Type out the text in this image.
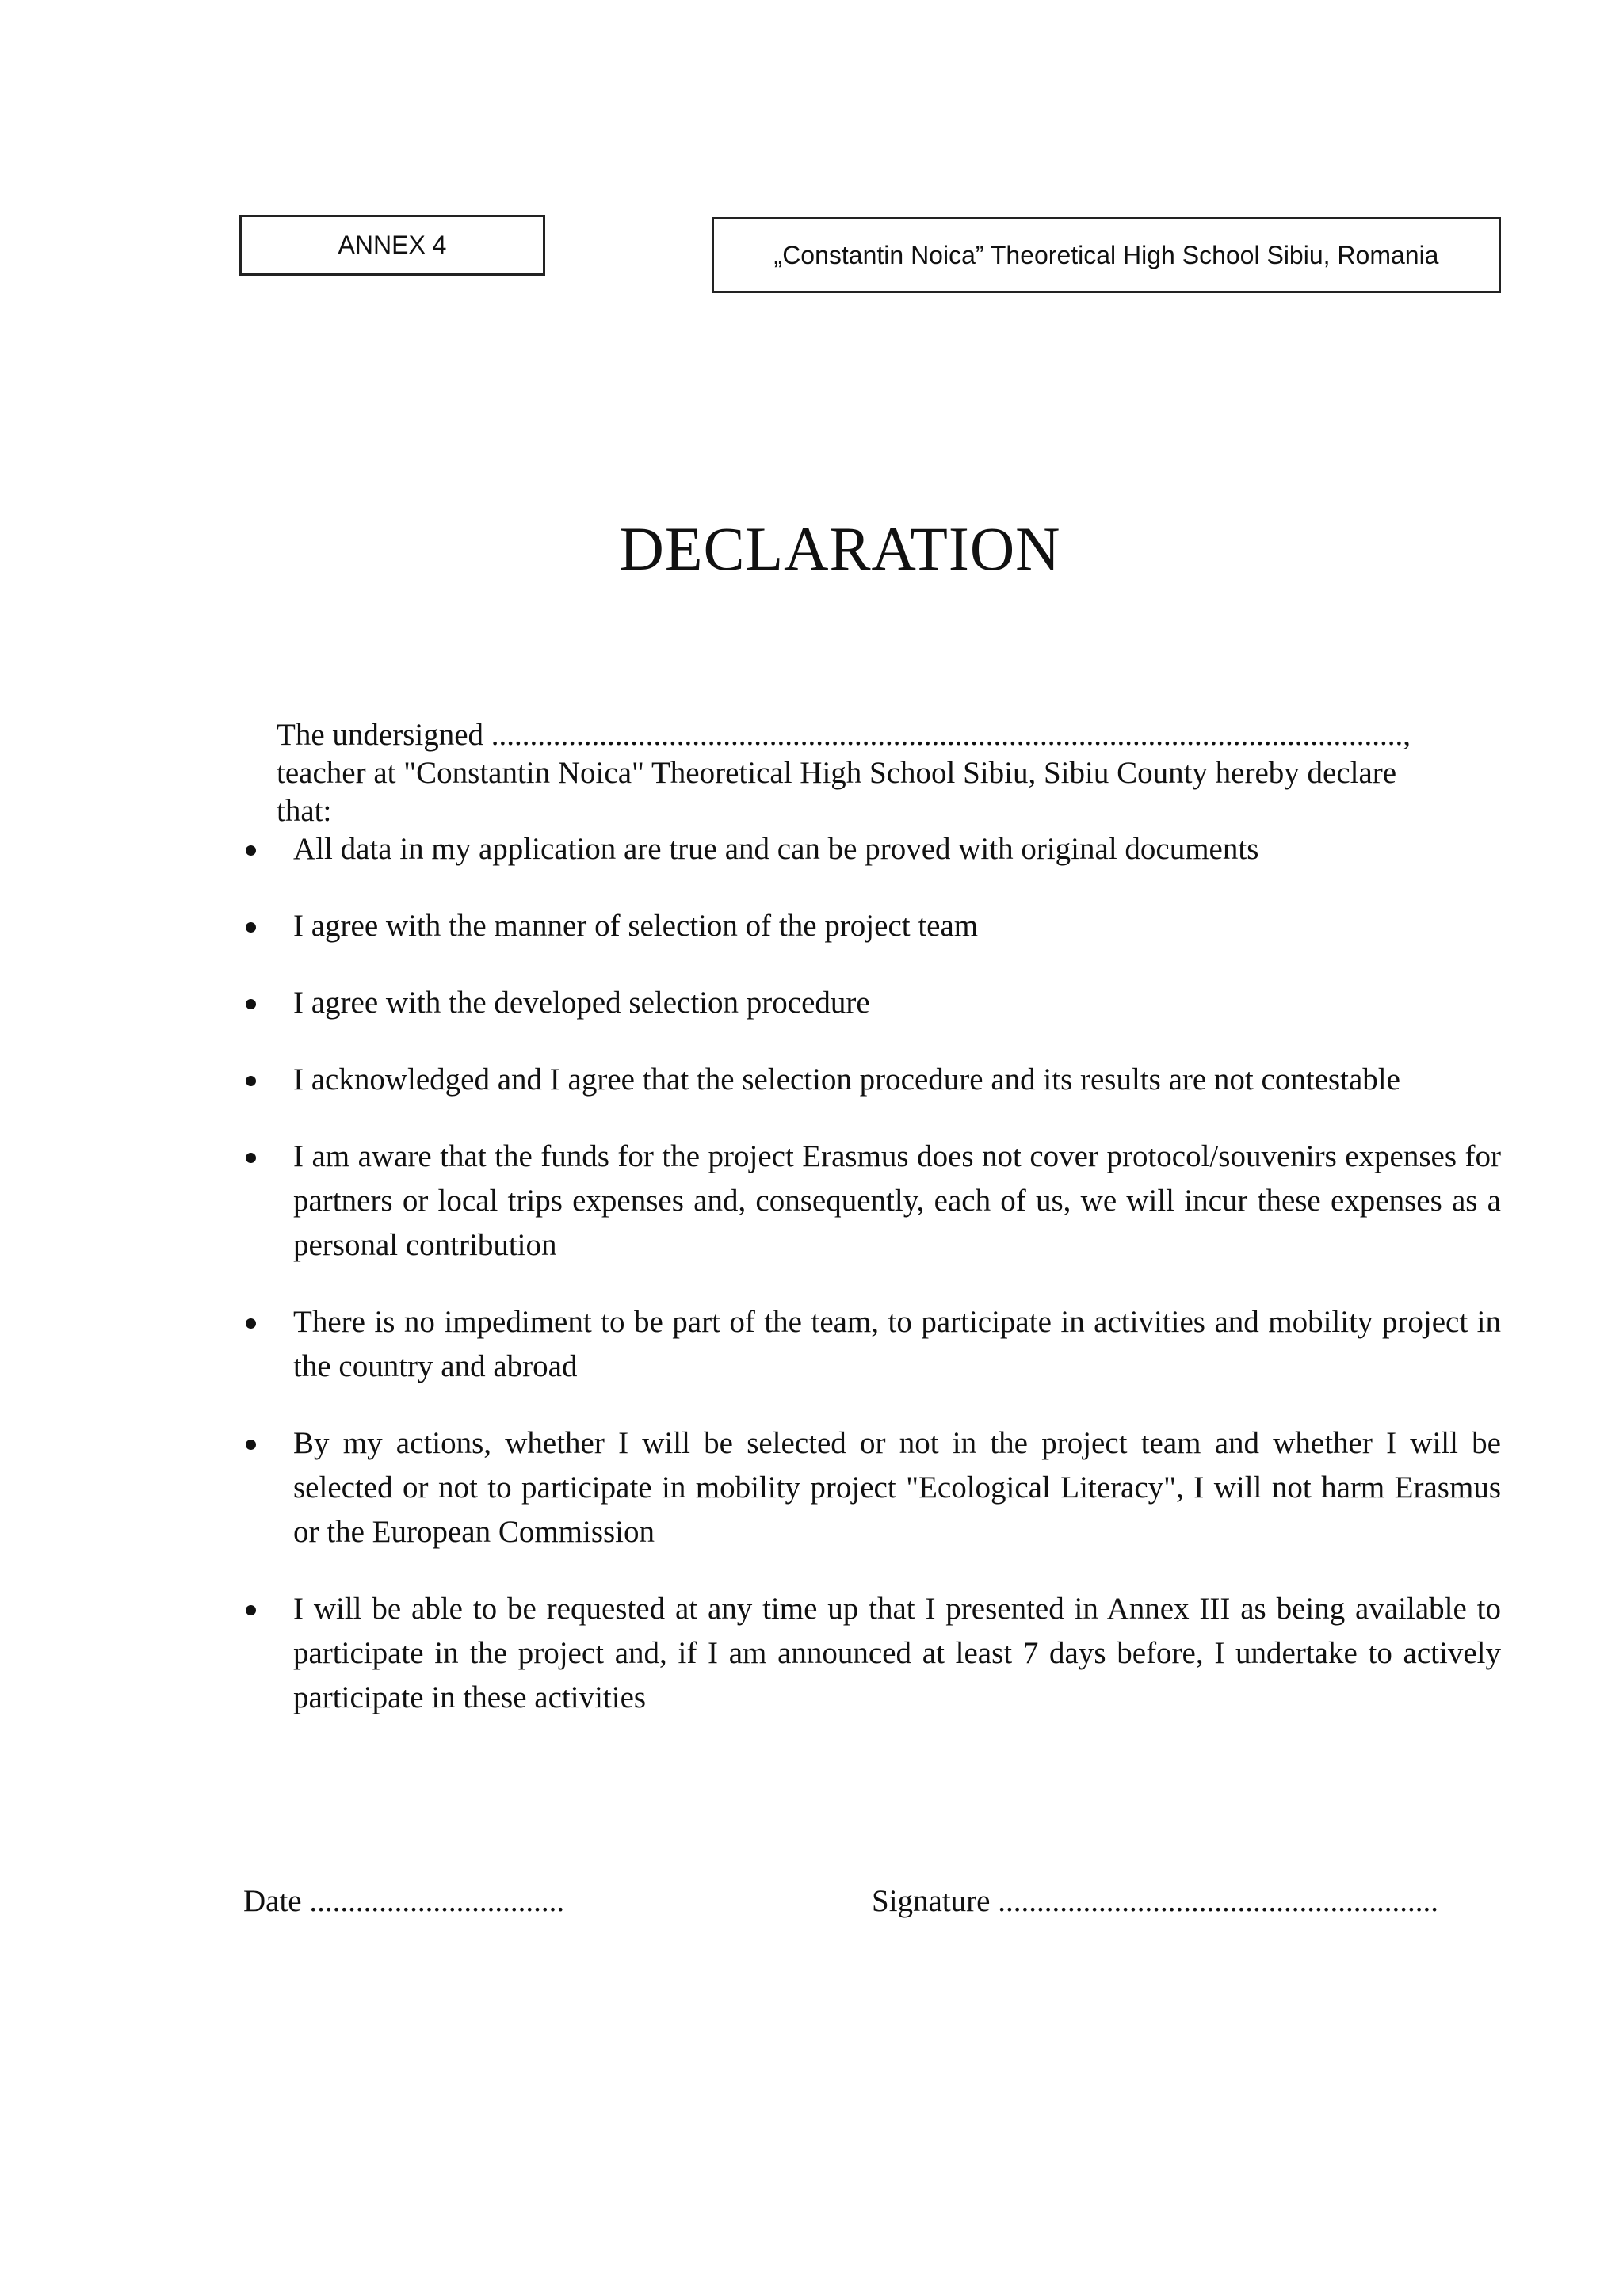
ANNEX 4	„Constantin Noica” Theoretical High School Sibiu, Romania
DECLARATION
The undersigned ......................................................................................................................,
teacher at "Constantin Noica" Theoretical High School Sibiu, Sibiu County hereby declare
that:
All data in my application are true and can be proved with original documents
I agree with the manner of selection of the project team
I agree with the developed selection procedure
I acknowledged and I agree that the selection procedure and its results are not contestable
I am aware that the funds for the project Erasmus does not cover protocol/souvenirs expenses for partners or local trips expenses and, consequently, each of us, we will incur these expenses as a personal contribution
There is no impediment to be part of the team, to participate in activities and mobility project in the country and abroad
By my actions, whether I will be selected or not in the project team and whether I will be selected or not to participate in mobility project "Ecological Literacy", I will not harm Erasmus or the European Commission
I will be able to be requested at any time up that I presented in Annex III as being available to participate in the project and, if I am announced at least 7 days before, I undertake to actively participate in these activities
Date .................................	Signature .........................................................
